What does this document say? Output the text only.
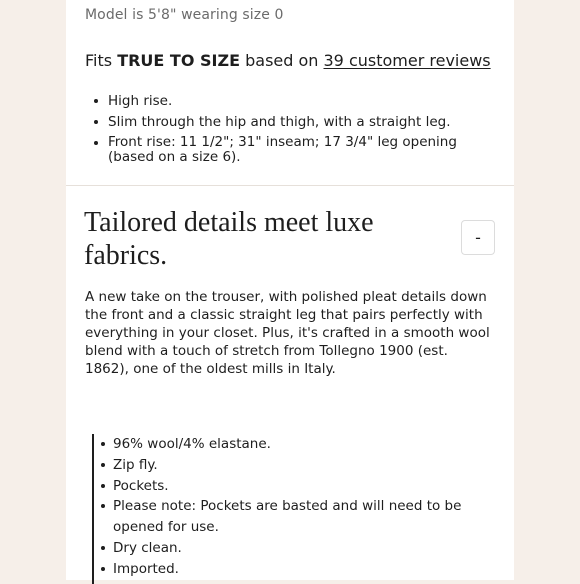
Model is 5'8" wearing size 0

Fits TRUE TO SIZE based on 39 customer reviews

High rise.
Slim through the hip and thigh, with a straight leg.
Front rise: 11 1/2"; 31" inseam; 17 3/4" leg opening (based on a size 6).
Tailored details meet luxe fabrics.
-

A new take on the trouser, with polished pleat details down the front and a classic straight leg that pairs perfectly with everything in your closet. Plus, it's crafted in a smooth wool blend with a touch of stretch from Tollegno 1900 (est. 1862), one of the oldest mills in Italy.

96% wool/4% elastane.
Zip fly.
Pockets.
Please note: Pockets are basted and will need to be opened for use.
Dry clean.
Imported.
